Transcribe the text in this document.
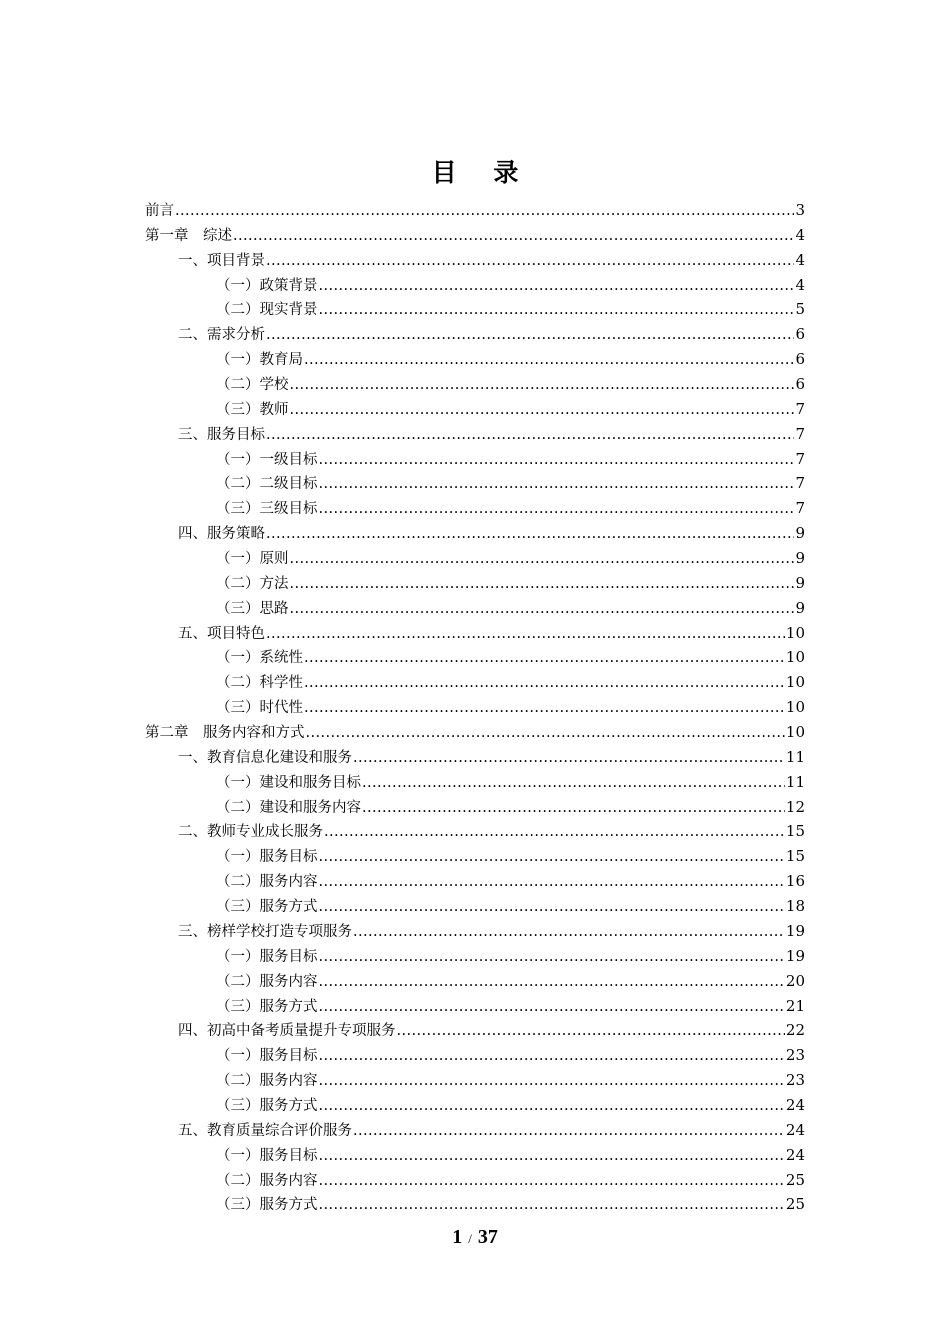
目 录
前言 .....	3
第一章　综述 .....	4
一、项目背景 .....	4
（一）政策背景 .....	4
（二）现实背景 .....	5
二、需求分析 .....	6
（一）教育局 .....	6
（二）学校 .....	6
（三）教师 .....	7
三、服务目标 .....	7
（一）一级目标 .....	7
（二）二级目标 .....	7
（三）三级目标 .....	7
四、服务策略 .....	9
（一）原则 .....	9
（二）方法 .....	9
（三）思路 .....	9
五、项目特色 .....	10
（一）系统性 .....	10
（二）科学性 .....	10
（三）时代性 .....	10
第二章　服务内容和方式 .....	10
一、教育信息化建设和服务 .....	11
（一）建设和服务目标 .....	11
（二）建设和服务内容 .....	12
二、教师专业成长服务 .....	15
（一）服务目标 .....	15
（二）服务内容 .....	16
（三）服务方式 .....	18
三、榜样学校打造专项服务 .....	19
（一）服务目标 .....	19
（二）服务内容 .....	20
（三）服务方式 .....	21
四、初高中备考质量提升专项服务 .....	22
（一）服务目标 .....	23
（二）服务内容 .....	23
（三）服务方式 .....	24
五、教育质量综合评价服务 .....	24
（一）服务目标 .....	24
（二）服务内容 .....	25
（三）服务方式 .....	25
1 / 37
